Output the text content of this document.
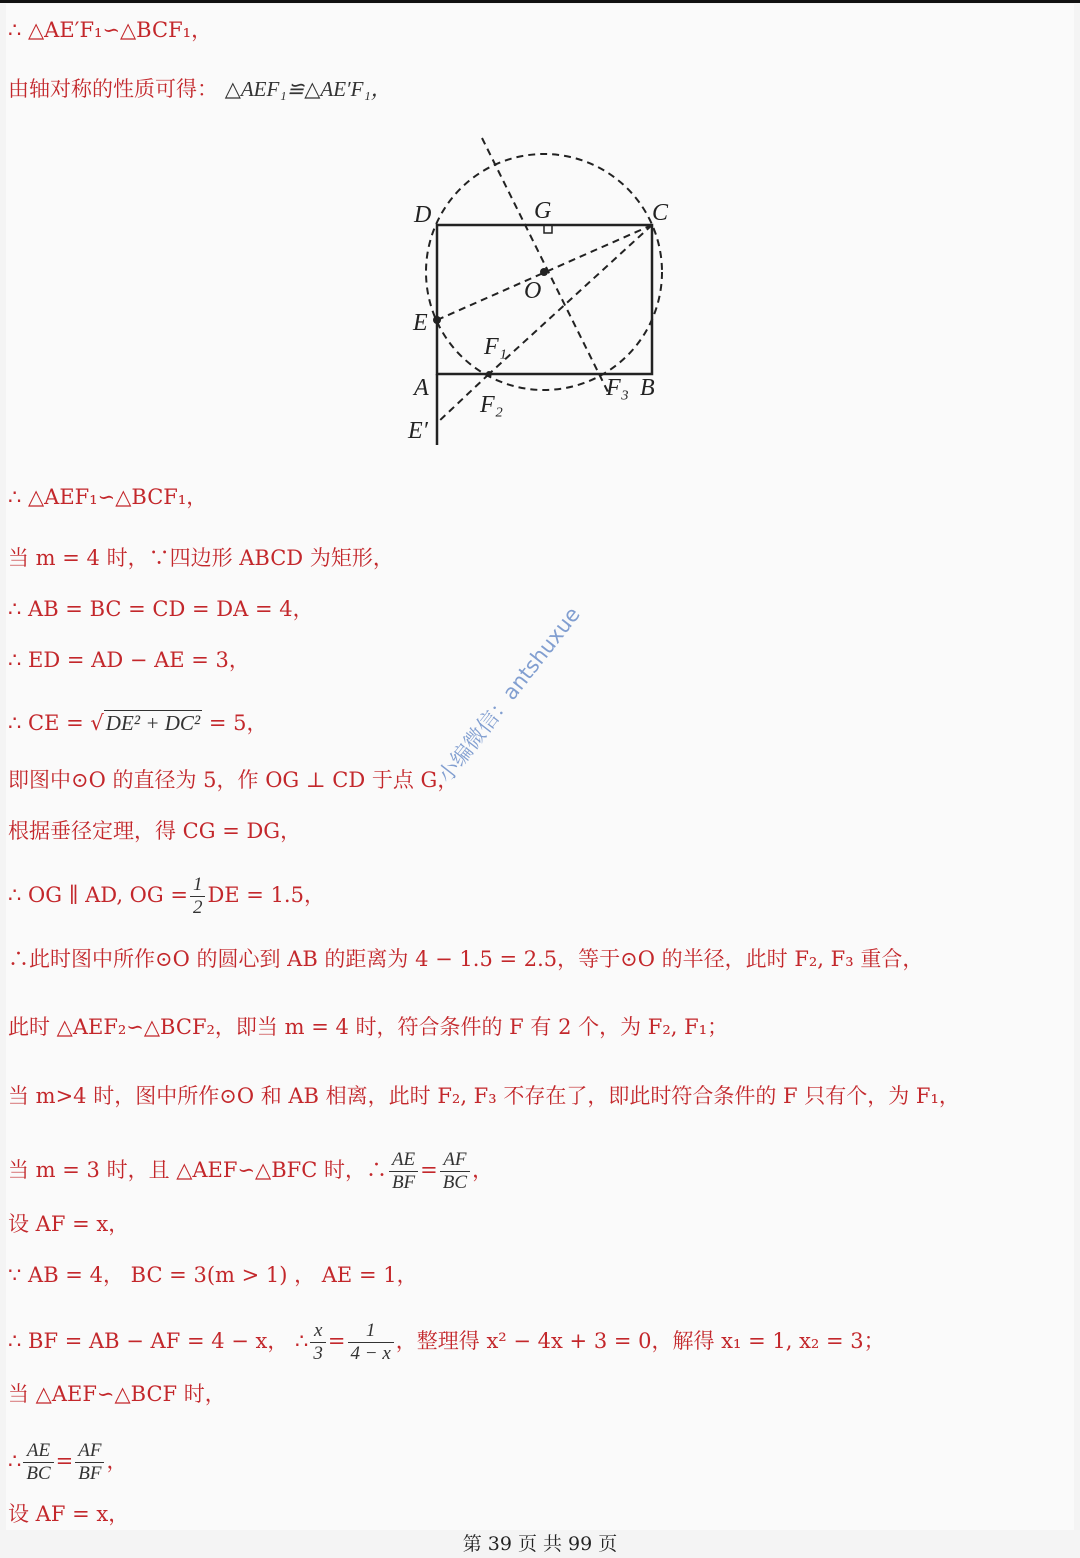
∴ △AE′F₁∽△BCF₁，
由轴对称的性质可得： △AEF₁≌△AE′F₁，
D	G	C
O
E
F₁
A
F₂
F₃ B
E′
∴ △AEF₁∽△BCF₁，
当 m = 4 时，∵四边形 ABCD 为矩形，
∴ AB = BC = CD = DA = 4，
∴ ED = AD − AE = 3，
∴ CE = √DE² + DC² = 5，
即图中⊙O 的直径为 5，作 OG ⊥ CD 于点 G，
根据垂径定理，得 CG = DG，
∴ OG ∥ AD, OG = $\frac{1}{2}$ DE = 1.5，
∴此时图中所作⊙O 的圆心到 AB 的距离为 4 − 1.5 = 2.5，等于⊙O 的半径，此时 F₂, F₃ 重合，
此时 △AEF₂∽△BCF₂，即当 m = 4 时，符合条件的 F 有 2 个，为 F₂, F₁；
当 m>4 时，图中所作⊙O 和 AB 相离，此时 F₂, F₃ 不存在了，即此时符合条件的 F 只有个，为 F₁，
当 m = 3 时，且 △AEF∽△BFC 时，∴ $\frac{AE}{BF} = \frac{AF}{BC}$ ，
设 AF = x，
∵ AB = 4， BC = 3(m > 1) ， AE = 1，
∴ BF = AB − AF = 4 − x， ∴ $\frac{x}{3} = \frac{1}{4 - x}$ ，整理得 x² − 4x + 3 = 0，解得 x₁ = 1, x₂ = 3；
当 △AEF∽△BCF 时，
∴ $\frac{AE}{BC} = \frac{AF}{BF}$ ，
设 AF = x，
小编微信：antshuxue
第 39 页 共 99 页
